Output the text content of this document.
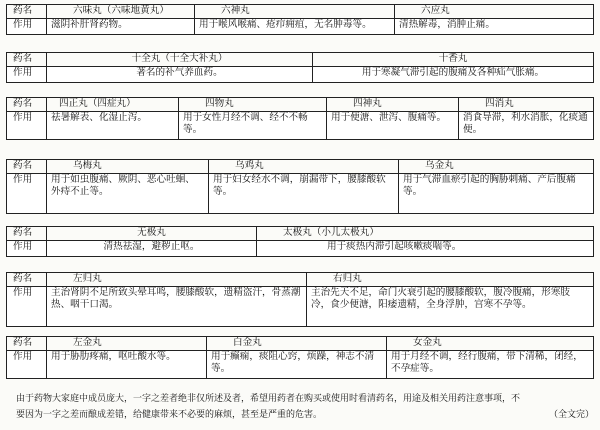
药名	六味丸（六味地黄丸）	六神丸	六应丸
作用	滋阴补肝肾药物。	用于喉风喉痛、疮疖痈疽，无名肿毒等。	清热解毒，消肿止痛。
药名	十全丸（十全大补丸）	十香丸
作用	著名的补气养血药。	用于寒凝气滞引起的腹痛及各种疝气胀痛。
药名	四正丸（四症丸）	四物丸	四神丸	四消丸
作用	祛暑解表、化湿止泻。	用于女性月经不调、经不不畅等。	用于便溏、泄泻、腹痛等。	消食导滞，利水消胀，化痰通便。
药名	乌梅丸	乌鸡丸	乌金丸
作用	用于如虫腹痛、厥阴、恶心吐蛔、外痔不止等。	用于妇女经水不调，崩漏带下，腰膝酸软等。	用于气滞血瘀引起的胸胁刺痛、产后腹痛等。
药名	无极丸	太极丸（小儿太极丸）
作用	清热祛湿，避秽止呕。	用于痰热内滞引起咳嗽痰喘等。
药名	左归丸	右归丸
作用	主治肾阴不足所致头晕耳鸣，腰膝酸软，遗精盗汗，骨蒸潮热、咽干口渴。	主治先天不足，命门火衰引起的腰膝酸软，腹冷腹痛，形寒肢冷，食少便溏，阳痿遗精，全身浮肿，宫寒不孕等。
药名	左金丸	白金丸	女金丸
作用	用于胁肋疼痛，呕吐酸水等。	用于癫痫，痰阻心窍，烦躁，神志不清等。	用于月经不调，经行腹痛，带下清稀，闭经，不孕症等。
由于药物大家庭中成员庞大，一字之差者绝非仅所述及者，希望用药者在购买或使用时看清药名，用途及相关用药注意事项，不
要因为一字之差而酿成差错，给健康带来不必要的麻烦，甚至是严重的危害。	（全文完）
